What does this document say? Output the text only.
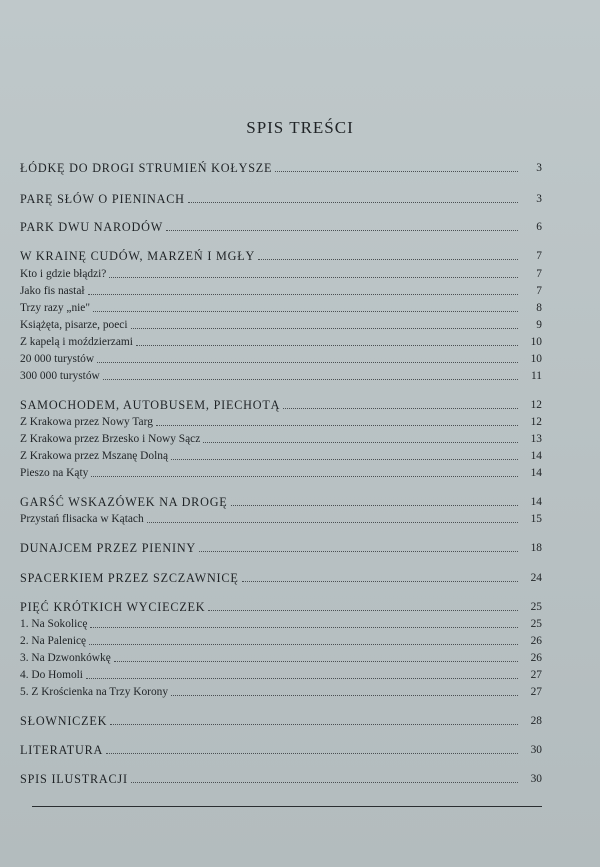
SPIS TREŚCI
ŁÓDKĘ DO DROGI STRUMIEŃ KOŁYSZE	3
PARĘ SŁÓW O PIENINACH	3
PARK DWU NARODÓW	6
W KRAINĘ CUDÓW, MARZEŃ I MGŁY	7
Kto i gdzie błądzi?	7
Jako fis nastał	7
Trzy razy „nie"	8
Książęta, pisarze, poeci	9
Z kapelą i moździerzami	10
20 000 turystów	10
300 000 turystów	11
SAMOCHODEM, AUTOBUSEM, PIECHOTĄ	12
Z Krakowa przez Nowy Targ	12
Z Krakowa przez Brzesko i Nowy Sącz	13
Z Krakowa przez Mszanę Dolną	14
Pieszo na Kąty	14
GARŚĆ WSKAZÓWEK NA DROGĘ	14
Przystań flisacka w Kątach	15
DUNAJCEM PRZEZ PIENINY	18
SPACERKIEM PRZEZ SZCZAWNICĘ	24
PIĘĆ KRÓTKICH WYCIECZEK	25
1. Na Sokolicę	25
2. Na Palenicę	26
3. Na Dzwonkówkę	26
4. Do Homoli	27
5. Z Krościenka na Trzy Korony	27
SŁOWNICZEK	28
LITERATURA	30
SPIS ILUSTRACJI	30
